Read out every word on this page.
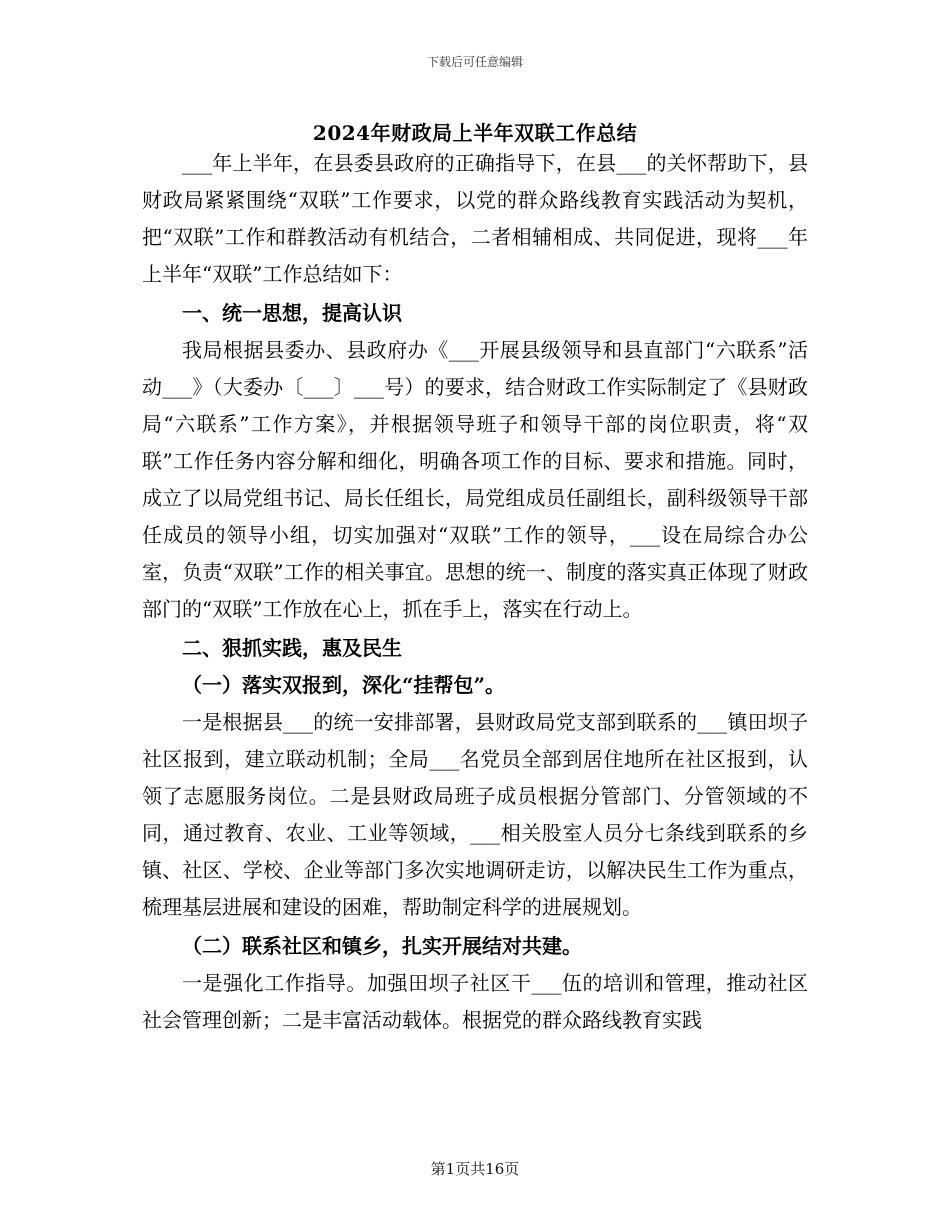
下载后可任意编辑
2024年财政局上半年双联工作总结

___年上半年，在县委县政府的正确指导下，在县___的关怀帮助下，县财政局紧紧围绕“双联”工作要求，以党的群众路线教育实践活动为契机，把“双联”工作和群教活动有机结合，二者相辅相成、共同促进，现将___年上半年“双联”工作总结如下：

一、统一思想，提高认识

我局根据县委办、县政府办《___开展县级领导和县直部门“六联系”活动___》（大委办〔___〕___号）的要求，结合财政工作实际制定了《县财政局“六联系”工作方案》，并根据领导班子和领导干部的岗位职责，将“双联”工作任务内容分解和细化，明确各项工作的目标、要求和措施。同时，成立了以局党组书记、局长任组长，局党组成员任副组长，副科级领导干部任成员的领导小组，切实加强对“双联”工作的领导，___设在局综合办公室，负责“双联”工作的相关事宜。思想的统一、制度的落实真正体现了财政部门的“双联”工作放在心上，抓在手上，落实在行动上。

二、狠抓实践，惠及民生

（一）落实双报到，深化“挂帮包”。

一是根据县___的统一安排部署，县财政局党支部到联系的___镇田坝子社区报到，建立联动机制；全局___名党员全部到居住地所在社区报到，认领了志愿服务岗位。二是县财政局班子成员根据分管部门、分管领域的不同，通过教育、农业、工业等领域，___相关股室人员分七条线到联系的乡镇、社区、学校、企业等部门多次实地调研走访，以解决民生工作为重点，梳理基层进展和建设的困难，帮助制定科学的进展规划。

（二）联系社区和镇乡，扎实开展结对共建。

一是强化工作指导。加强田坝子社区干___伍的培训和管理，推动社区社会管理创新；二是丰富活动载体。根据党的群众路线教育实践

第1页共16页
